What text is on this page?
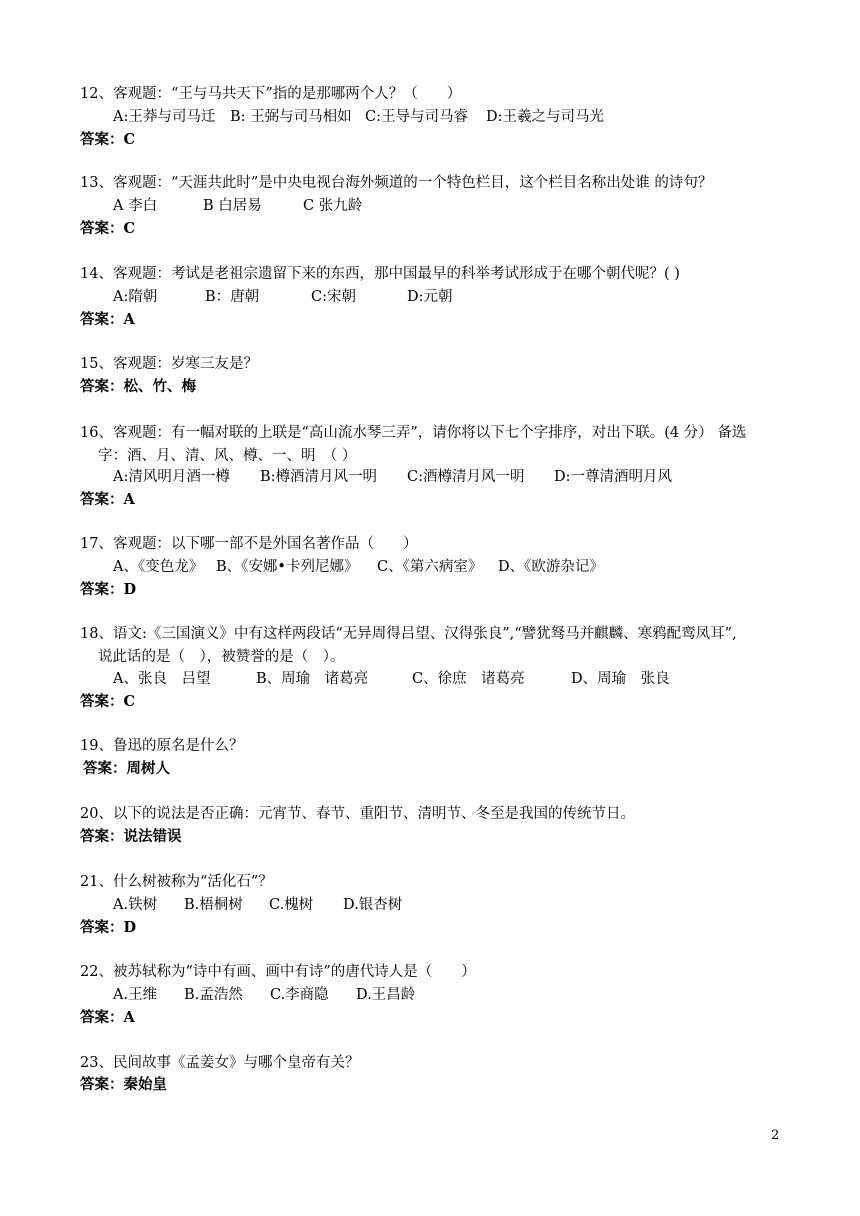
12、客观题：“王与马共天下”指的是那哪两个人？（　　）
A:王莽与司马迁 B: 王弼与司马相如 C:王导与司马睿 D:王羲之与司马光
答案：C
13、客观题：“天涯共此时”是中央电视台海外频道的一个特色栏目，这个栏目名称出处谁 的诗句？
A 李白	B 白居易	C 张九龄
答案：C
14、客观题：考试是老祖宗遗留下来的东西，那中国最早的科举考试形成于在哪个朝代呢？( )
A:隋朝	B：唐朝	C:宋朝	D:元朝
答案：A
15、客观题：岁寒三友是？
答案：松、竹、梅
16、客观题：有一幅对联的上联是“高山流水琴三弄”，请你将以下七个字排序，对出下联。(4 分） 备选
字：酒、月、清、风、樽、一、明　（ ）
A:清风明月酒一樽 B:樽酒清月风一明 C:酒樽清月风一明 D:一尊清酒明月风
答案：A
17、客观题：以下哪一部不是外国名著作品（　　）
A、《变色龙》 B、《安娜•卡列尼娜》 C、《第六病室》 D、《欧游杂记》
答案：D
18、语文:《三国演义》中有这样两段话“无异周得吕望、汉得张良”,“譬犹驽马并麒麟、寒鸦配鸾凤耳”,
说此话的是（　），被赞誉的是（　）。
A、张良　吕望	B、周瑜　诸葛亮	C、徐庶　诸葛亮	D、周瑜　张良
答案：C
19、鲁迅的原名是什么？
答案：周树人
20、以下的说法是否正确：元宵节、春节、重阳节、清明节、冬至是我国的传统节日。
答案：说法错误
21、什么树被称为“活化石”？
A.铁树 B.梧桐树 C.槐树 D.银杏树
答案：D
22、被苏轼称为“诗中有画、画中有诗”的唐代诗人是（　　）
A.王维 B.孟浩然 C.李商隐 D.王昌龄
答案：A
23、民间故事《孟姜女》与哪个皇帝有关？
答案：秦始皇
2
